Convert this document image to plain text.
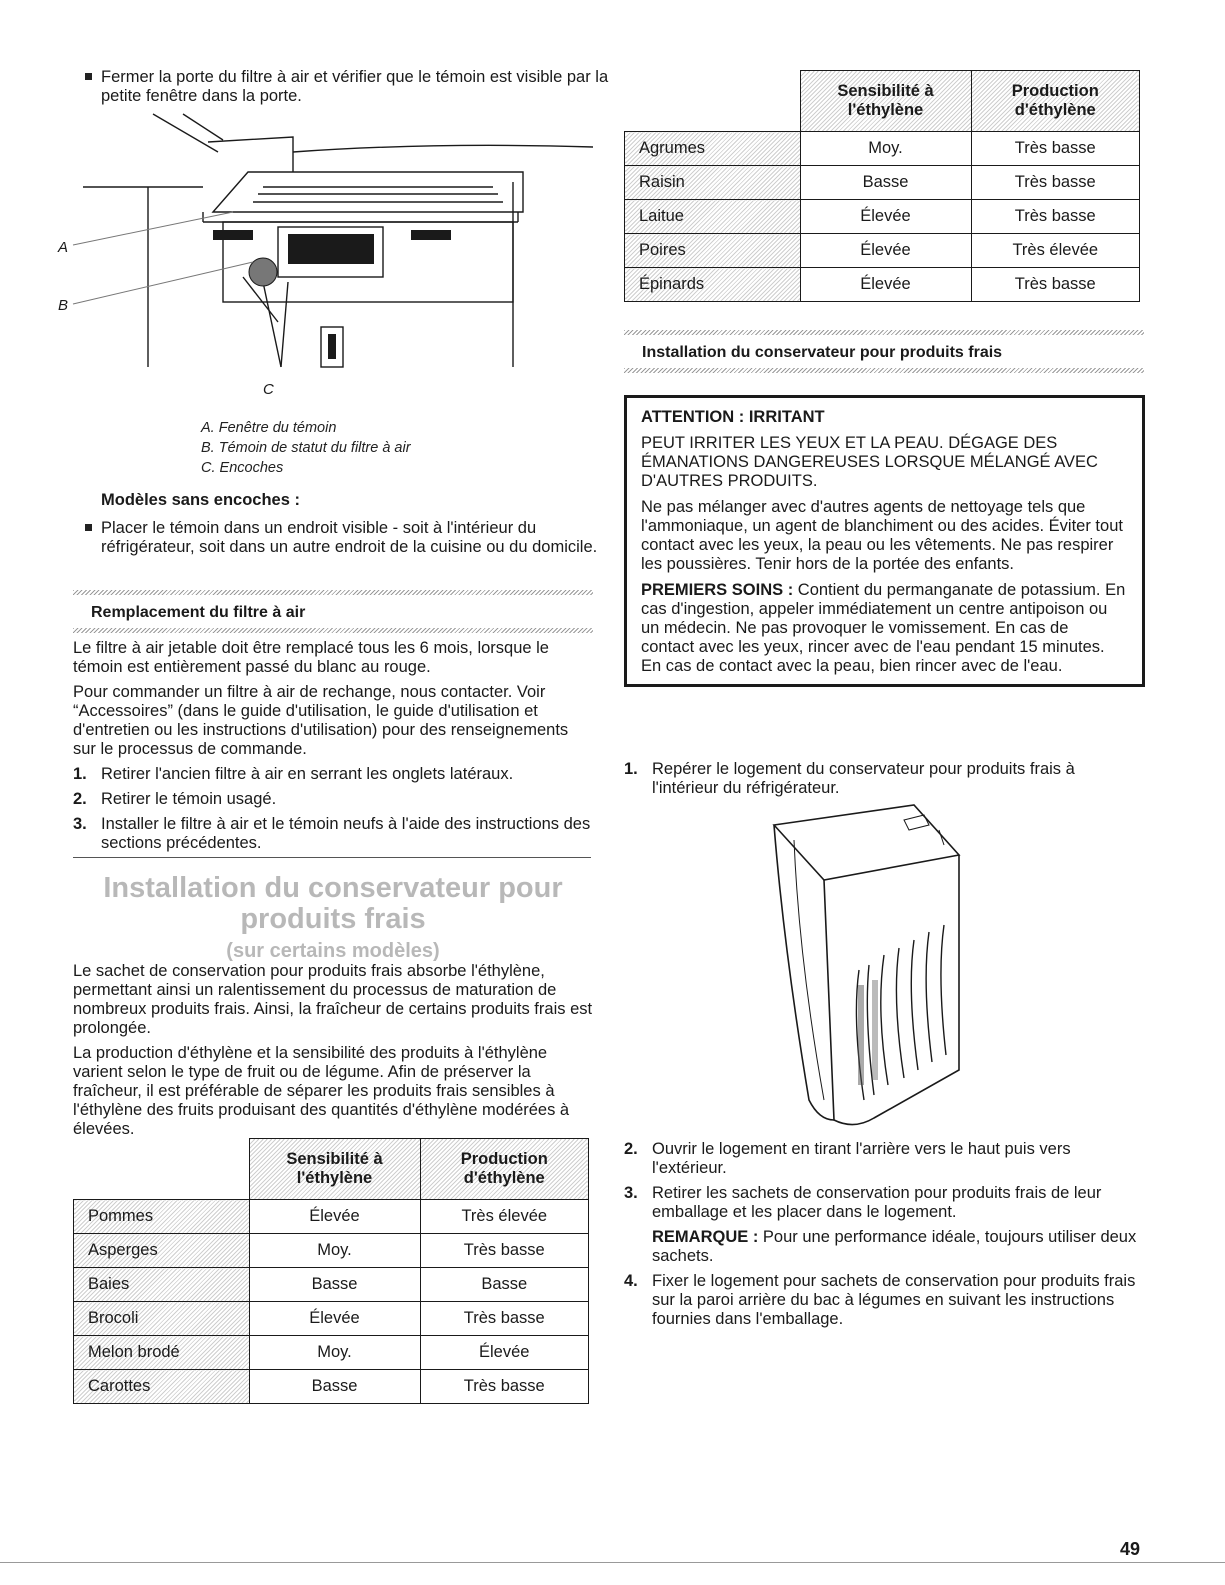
Fermer la porte du filtre à air et vérifier que le témoin est visible par la petite fenêtre dans la porte.

A
B
C
A. Fenêtre du témoin
B. Témoin de statut du filtre à air
C. Encoches
Modèles sans encoches :

Placer le témoin dans un endroit visible - soit à l'intérieur du réfrigérateur, soit dans un autre endroit de la cuisine ou du domicile.

Remplacement du filtre à air

Le filtre à air jetable doit être remplacé tous les 6 mois, lorsque le témoin est entièrement passé du blanc au rouge.

Pour commander un filtre à air de rechange, nous contacter. Voir “Accessoires” (dans le guide d'utilisation, le guide d'utilisation et d'entretien ou les instructions d'utilisation) pour des renseignements sur le processus de commande.

1. Retirer l'ancien filtre à air en serrant les onglets latéraux.
2. Retirer le témoin usagé.
3. Installer le filtre à air et le témoin neufs à l'aide des instructions des sections précédentes.
Installation du conservateur pour
produits frais
(sur certains modèles)

Le sachet de conservation pour produits frais absorbe l'éthylène, permettant ainsi un ralentissement du processus de maturation de nombreux produits frais. Ainsi, la fraîcheur de certains produits frais est prolongée.

La production d'éthylène et la sensibilité des produits à l'éthylène varient selon le type de fruit ou de légume. Afin de préserver la fraîcheur, il est préférable de séparer les produits frais sensibles à l'éthylène des fruits produisant des quantités d'éthylène modérées à élevées.

	Sensibilité à l'éthylène	Production d'éthylène
Pommes	Élevée	Très élevée
Asperges	Moy.	Très basse
Baies	Basse	Basse
Brocoli	Élevée	Très basse
Melon brodé	Moy.	Élevée
Carottes	Basse	Très basse
	Sensibilité à l'éthylène	Production d'éthylène
Agrumes	Moy.	Très basse
Raisin	Basse	Très basse
Laitue	Élevée	Très basse
Poires	Élevée	Très élevée
Épinards	Élevée	Très basse
Installation du conservateur pour produits frais

ATTENTION : IRRITANT

PEUT IRRITER LES YEUX ET LA PEAU. DÉGAGE DES ÉMANATIONS DANGEREUSES LORSQUE MÉLANGÉ AVEC D'AUTRES PRODUITS.

Ne pas mélanger avec d'autres agents de nettoyage tels que l'ammoniaque, un agent de blanchiment ou des acides. Éviter tout contact avec les yeux, la peau ou les vêtements. Ne pas respirer les poussières. Tenir hors de la portée des enfants.

PREMIERS SOINS : Contient du permanganate de potassium. En cas d'ingestion, appeler immédiatement un centre antipoison ou un médecin. Ne pas provoquer le vomissement. En cas de contact avec les yeux, rincer avec de l'eau pendant 15 minutes. En cas de contact avec la peau, bien rincer avec de l'eau.

1. Repérer le logement du conservateur pour produits frais à l'intérieur du réfrigérateur.
2. Ouvrir le logement en tirant l'arrière vers le haut puis vers l'extérieur.
3. Retirer les sachets de conservation pour produits frais de leur emballage et les placer dans le logement.
REMARQUE : Pour une performance idéale, toujours utiliser deux sachets.
4. Fixer le logement pour sachets de conservation pour produits frais sur la paroi arrière du bac à légumes en suivant les instructions fournies dans l'emballage.
49
